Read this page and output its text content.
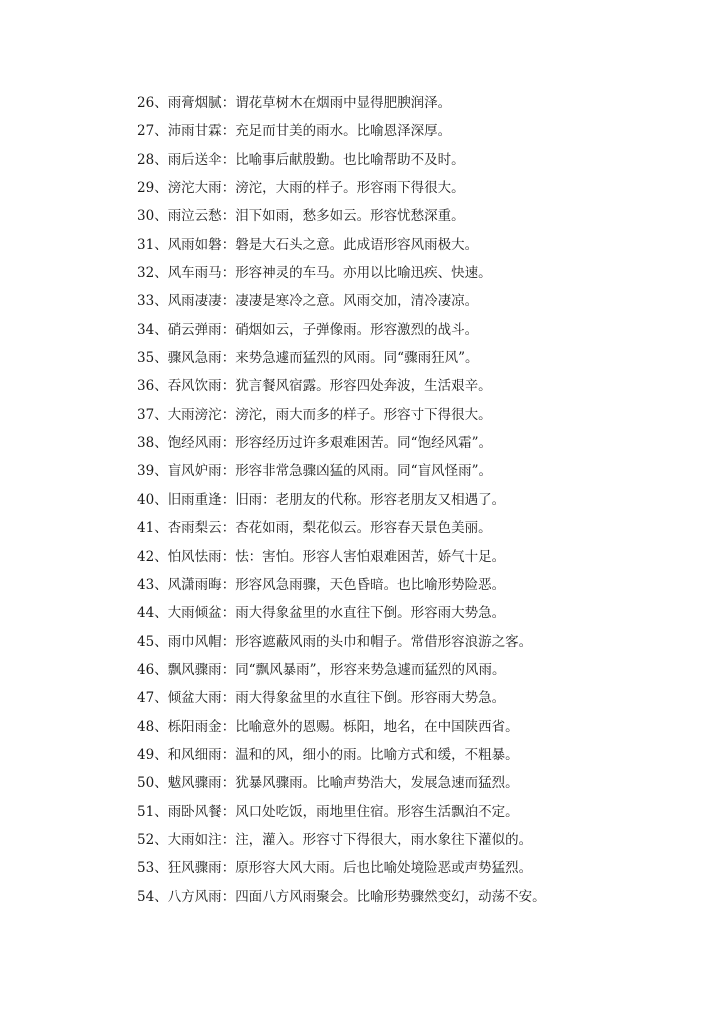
26、雨膏烟腻：谓花草树木在烟雨中显得肥腴润泽。
27、沛雨甘霖：充足而甘美的雨水。比喻恩泽深厚。
28、雨后送伞：比喻事后献殷勤。也比喻帮助不及时。
29、滂沱大雨：滂沱，大雨的样子。形容雨下得很大。
30、雨泣云愁：泪下如雨，愁多如云。形容忧愁深重。
31、风雨如磐：磐是大石头之意。此成语形容风雨极大。
32、风车雨马：形容神灵的车马。亦用以比喻迅疾、快速。
33、风雨凄凄：凄凄是寒冷之意。风雨交加，清冷凄凉。
34、硝云弹雨：硝烟如云，子弹像雨。形容激烈的战斗。
35、骤风急雨：来势急遽而猛烈的风雨。同“骤雨狂风”。
36、吞风饮雨：犹言餐风宿露。形容四处奔波，生活艰辛。
37、大雨滂沱：滂沱，雨大而多的样子。形容寸下得很大。
38、饱经风雨：形容经历过许多艰难困苦。同“饱经风霜”。
39、盲风妒雨：形容非常急骤凶猛的风雨。同“盲风怪雨”。
40、旧雨重逢：旧雨：老朋友的代称。形容老朋友又相遇了。
41、杏雨梨云：杏花如雨，梨花似云。形容春天景色美丽。
42、怕风怯雨：怯：害怕。形容人害怕艰难困苦，娇气十足。
43、风潇雨晦：形容风急雨骤，天色昏暗。也比喻形势险恶。
44、大雨倾盆：雨大得象盆里的水直往下倒。形容雨大势急。
45、雨巾风帽：形容遮蔽风雨的头巾和帽子。常借形容浪游之客。
46、飘风骤雨：同“飘风暴雨”，形容来势急遽而猛烈的风雨。
47、倾盆大雨：雨大得象盆里的水直往下倒。形容雨大势急。
48、栎阳雨金：比喻意外的恩赐。栎阳，地名，在中国陕西省。
49、和风细雨：温和的风，细小的雨。比喻方式和缓，不粗暴。
50、魃风骤雨：犹暴风骤雨。比喻声势浩大，发展急速而猛烈。
51、雨卧风餐：风口处吃饭，雨地里住宿。形容生活飘泊不定。
52、大雨如注：注，灌入。形容寸下得很大，雨水象往下灌似的。
53、狂风骤雨：原形容大风大雨。后也比喻处境险恶或声势猛烈。
54、八方风雨：四面八方风雨聚会。比喻形势骤然变幻，动荡不安。
